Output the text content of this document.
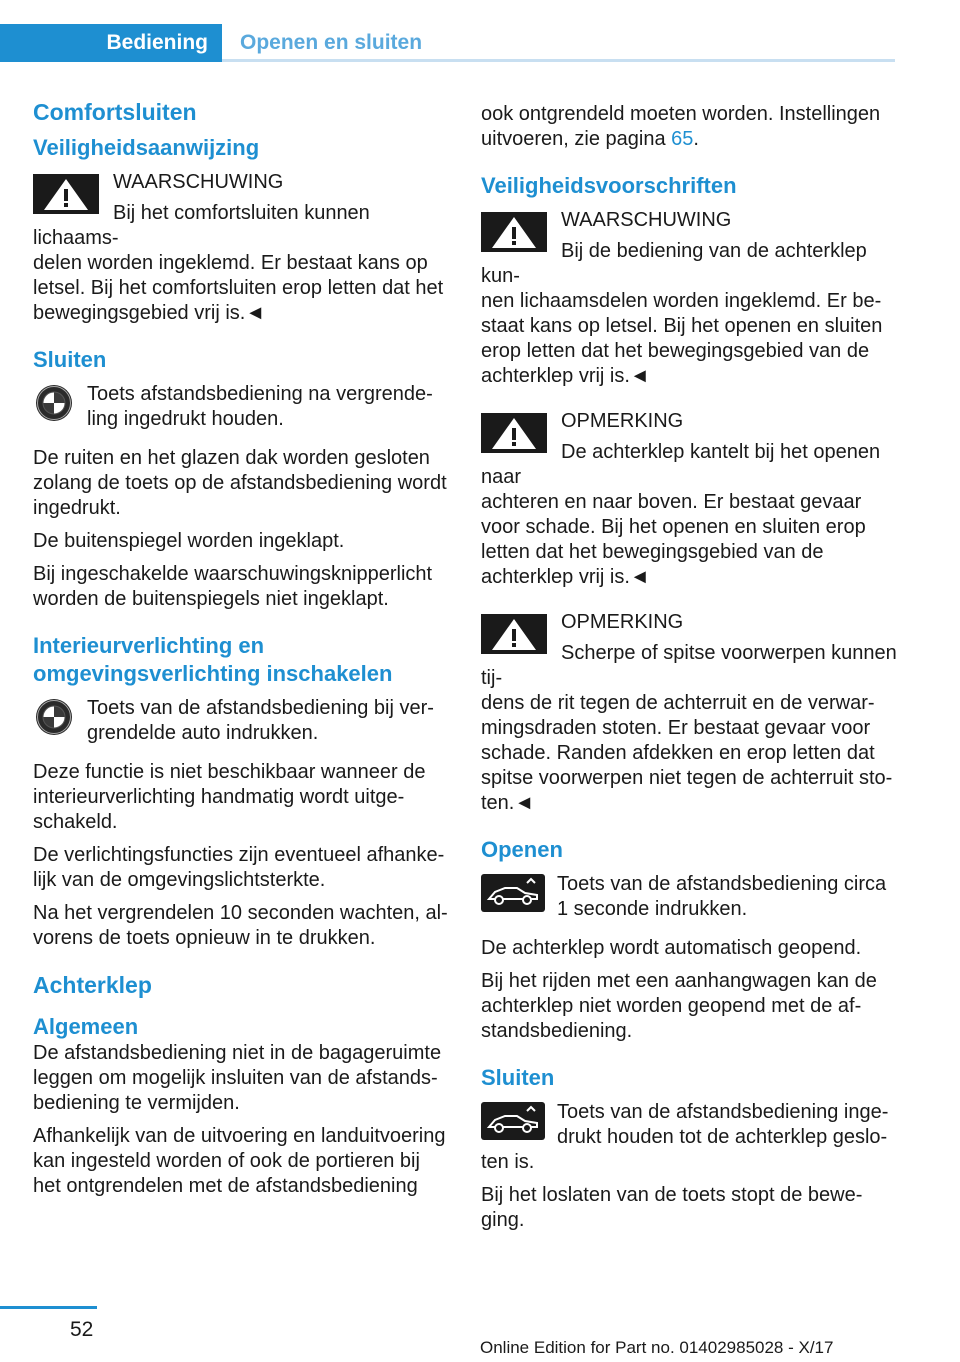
Bediening	Openen en sluiten
Comfortsluiten
Veiligheidsaanwijzing

WAARSCHUWING

Bij het comfortsluiten kunnen lichaams-

delen worden ingeklemd. Er bestaat kans op letsel. Bij het comfortsluiten erop letten dat het bewegingsgebied vrij is.◄

Sluiten

Toets afstandsbediening na vergrende-ling ingedrukt houden.

De ruiten en het glazen dak worden gesloten zolang de toets op de afstandsbediening wordt ingedrukt.

De buitenspiegel worden ingeklapt.

Bij ingeschakelde waarschuwingsknipperlicht worden de buitenspiegels niet ingeklapt.

Interieurverlichting en omgevingsverlichting inschakelen

Toets van de afstandsbediening bij ver-grendelde auto indrukken.

Deze functie is niet beschikbaar wanneer de interieurverlichting handmatig wordt uitge-schakeld.

De verlichtingsfuncties zijn eventueel afhanke-lijk van de omgevingslichtsterkte.

Na het vergrendelen 10 seconden wachten, al-vorens de toets opnieuw in te drukken.

Achterklep
Algemeen

De afstandsbediening niet in de bagageruimte leggen om mogelijk insluiten van de afstands-bediening te vermijden.

Afhankelijk van de uitvoering en landuitvoering kan ingesteld worden of ook de portieren bij het ontgrendelen met de afstandsbediening

ook ontgrendeld moeten worden. Instellingen uitvoeren, zie pagina 65.

Veiligheidsvoorschriften

WAARSCHUWING

Bij de bediening van de achterklep kun-

nen lichaamsdelen worden ingeklemd. Er be-staat kans op letsel. Bij het openen en sluiten erop letten dat het bewegingsgebied van de achterklep vrij is.◄

OPMERKING

De achterklep kantelt bij het openen naar

achteren en naar boven. Er bestaat gevaar voor schade. Bij het openen en sluiten erop letten dat het bewegingsgebied van de achterklep vrij is.◄

OPMERKING

Scherpe of spitse voorwerpen kunnen tij-

dens de rit tegen de achterruit en de verwar-mingsdraden stoten. Er bestaat gevaar voor schade. Randen afdekken en erop letten dat spitse voorwerpen niet tegen de achterruit sto-ten.◄

Openen

Toets van de afstandsbediening circa 1 seconde indrukken.

De achterklep wordt automatisch geopend.

Bij het rijden met een aanhangwagen kan de achterklep niet worden geopend met de af-standsbediening.

Sluiten

Toets van de afstandsbediening inge-drukt houden tot de achterklep geslo-

ten is.

Bij het loslaten van de toets stopt de bewe-ging.

52
Online Edition for Part no. 01402985028 - X/17
